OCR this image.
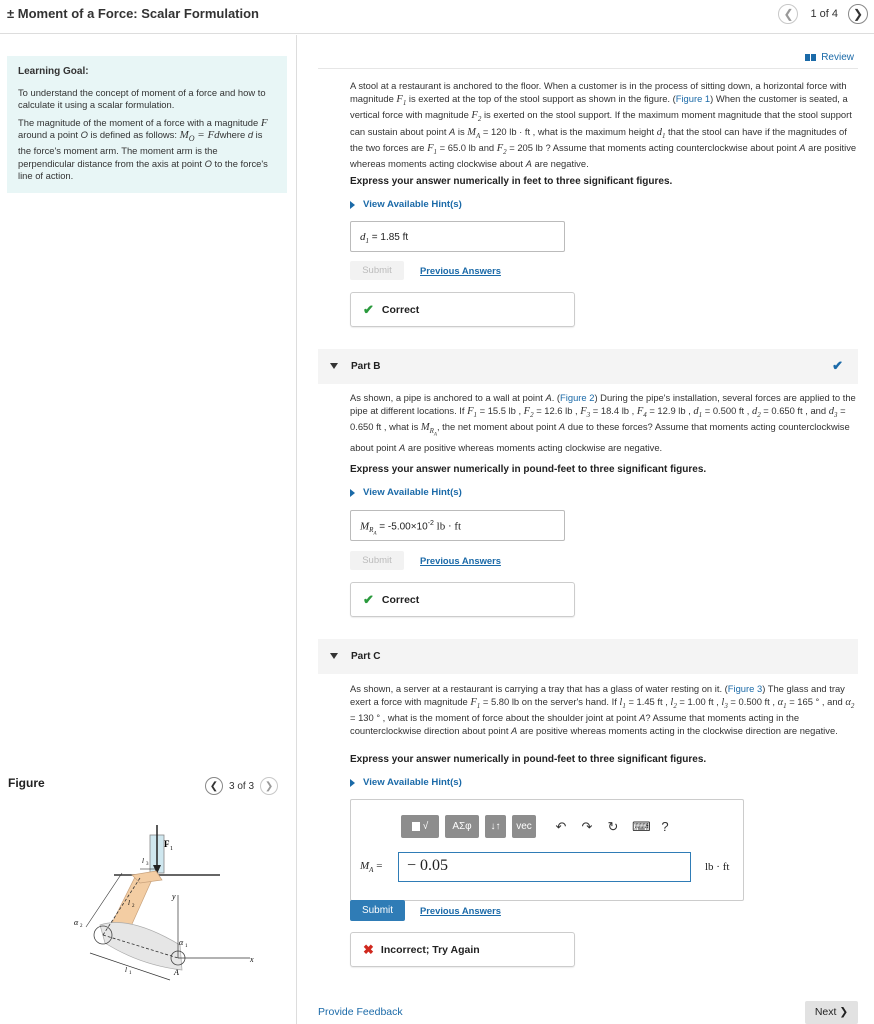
± Moment of a Force: Scalar Formulation	❮	1 of 4	❯
Learning Goal:

To understand the concept of moment of a force and how to calculate it using a scalar formulation.

The magnitude of the moment of a force with a magnitude F around a point O is defined as follows: $M_O$ = Fdwhere d is the force's moment arm. The moment arm is the perpendicular distance from the axis at point O to the force's line of action.

Figure	❮	3 of 3	❯
F 1
l 3
l 2
α 2
α 1
l 1	A
x
y
Review
A stool at a restaurant is anchored to the floor. When a customer is in the process of sitting down, a horizontal force with magnitude $F_1$ is exerted at the top of the stool support as shown in the figure. (Figure 1) When the customer is seated, a vertical force with magnitude $F_2$ is exerted on the stool support. If the maximum moment magnitude that the stool support can sustain about point A is $M_A = 120$ lb · ft , what is the maximum height $d_1$ that the stool can have if the magnitudes of the two forces are $F_1 = 65.0$ lb and $F_2 = 205$ lb ? Assume that moments acting counterclockwise about point A are positive whereas moments acting clockwise about A are negative.
Express your answer numerically in feet to three significant figures.
View Available Hint(s)
$d_1 = 1.85$ ft
Submit	Previous Answers
✔ Correct
Part B	✔
As shown, a pipe is anchored to a wall at point A. (Figure 2) During the pipe's installation, several forces are applied to the pipe at different locations. If $F_1 = 15.5$ lb , $F_2 = 12.6$ lb , $F_3 = 18.4$ lb , $F_4 = 12.9$ lb , $d_1 = 0.500$ ft , $d_2 = 0.650$ ft , and $d_3 = 0.650$ ft , what is $M_{R_A}$, the net moment about point A due to these forces? Assume that moments acting counterclockwise about point A are positive whereas moments acting clockwise are negative.
Express your answer numerically in pound-feet to three significant figures.
View Available Hint(s)
$M_{R_A} = -5.00\times 10^{-2}$ lb · ft
Submit	Previous Answers
✔ Correct
Part C
As shown, a server at a restaurant is carrying a tray that has a glass of water resting on it. (Figure 3) The glass and tray exert a force with magnitude $F_1 = 5.80$ lb on the server's hand. If $l_1 = 1.45$ ft , $l_2 = 1.00$ ft , $l_3 = 0.500$ ft , $\alpha_1 = 165$ ° , and $\alpha_2 = 130$ ° , what is the moment of force about the shoulder joint at point A? Assume that moments acting in the counterclockwise direction about point A are positive whereas moments acting in the clockwise direction are negative.
Express your answer numerically in pound-feet to three significant figures.
View Available Hint(s)
√	ΑΣφ	↓↑	vec	↶ ↷ ↻ ⌨ ?
$M_A$ =	− 0.05	lb · ft
Submit	Previous Answers
✖ Incorrect; Try Again
Provide Feedback	Next ❯
